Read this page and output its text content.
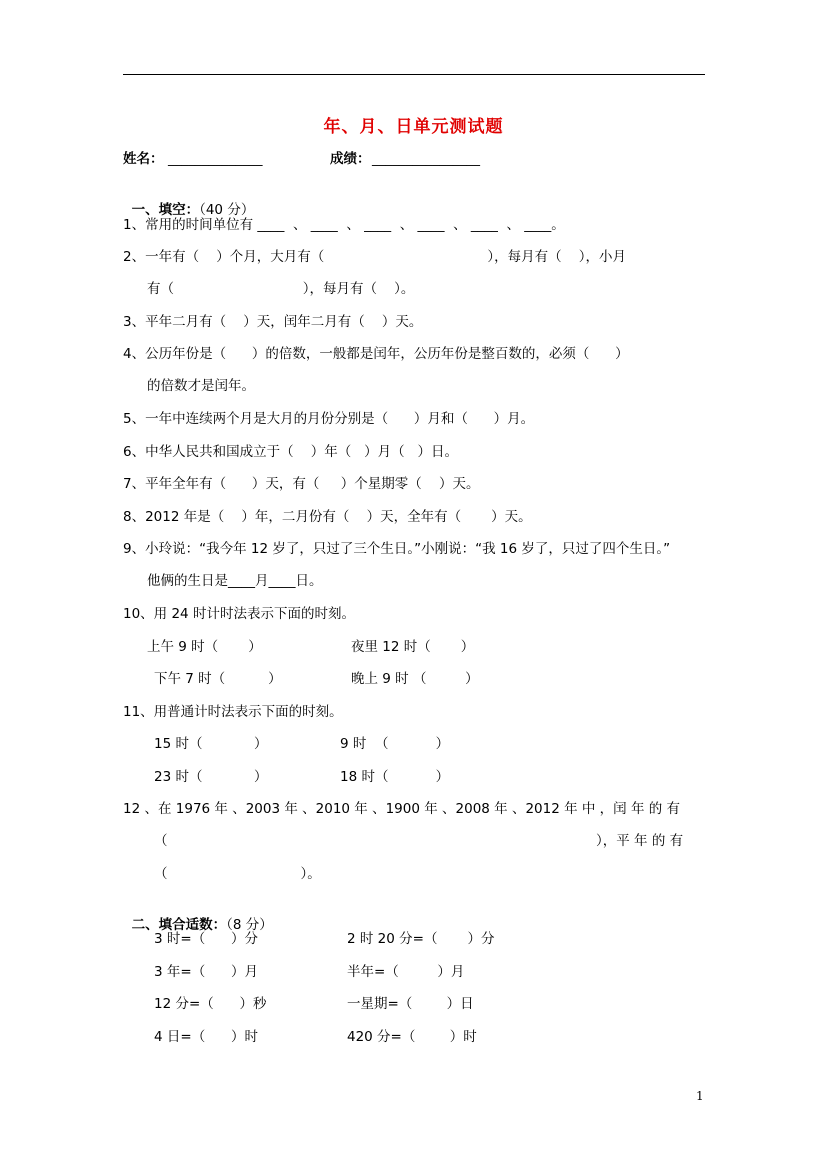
年、月、日单元测试题
姓名： ______________	成绩： ________________

一、填空：（40 分）

1、常用的时间单位有 ____  、 ____  、 ____  、 ____  、 ____  、 ____。
2、一年有（    ）个月，大月有（                                      ），每月有（    ），小月
有（                              ），每月有（    ）。
3、平年二月有（    ）天，闰年二月有（    ）天。
4、公历年份是（      ）的倍数，一般都是闰年，公历年份是整百数的，必须（      ）
的倍数才是闰年。
5、一年中连续两个月是大月的月份分别是（      ）月和（      ）月。
6、中华人民共和国成立于（    ）年（   ）月（   ）日。
7、平年全年有（      ）天，有（     ）个星期零（    ）天。
8、2012 年是（    ）年，二月份有（    ）天，全年有（       ）天。
9、小玲说：“我今年 12 岁了，只过了三个生日。”小刚说：“我 16 岁了，只过了四个生日。”
他俩的生日是____月____日。
10、用 24 时计时法表示下面的时刻。
上午 9 时（       ）	夜里 12 时（       ）
下午 7 时（          ）	晚上 9 时 （         ）
11、用普通计时法表示下面的时刻。
15 时（            ）	9 时  （           ）
23 时（            ）	18 时（           ）
12 、在 1976 年 、2003 年 、2010 年 、1900 年 、2008 年 、2012 年 中 ，闰 年 的 有
（	），平 年 的 有
（                               ）。

二、填合适数：（8 分）

3 时=（      ）分	2 时 20 分=（       ）分
3 年=（      ）月	半年=（         ）月
12 分=（      ）秒	一星期=（        ）日
4 日=（      ）时	420 分=（        ）时
1
